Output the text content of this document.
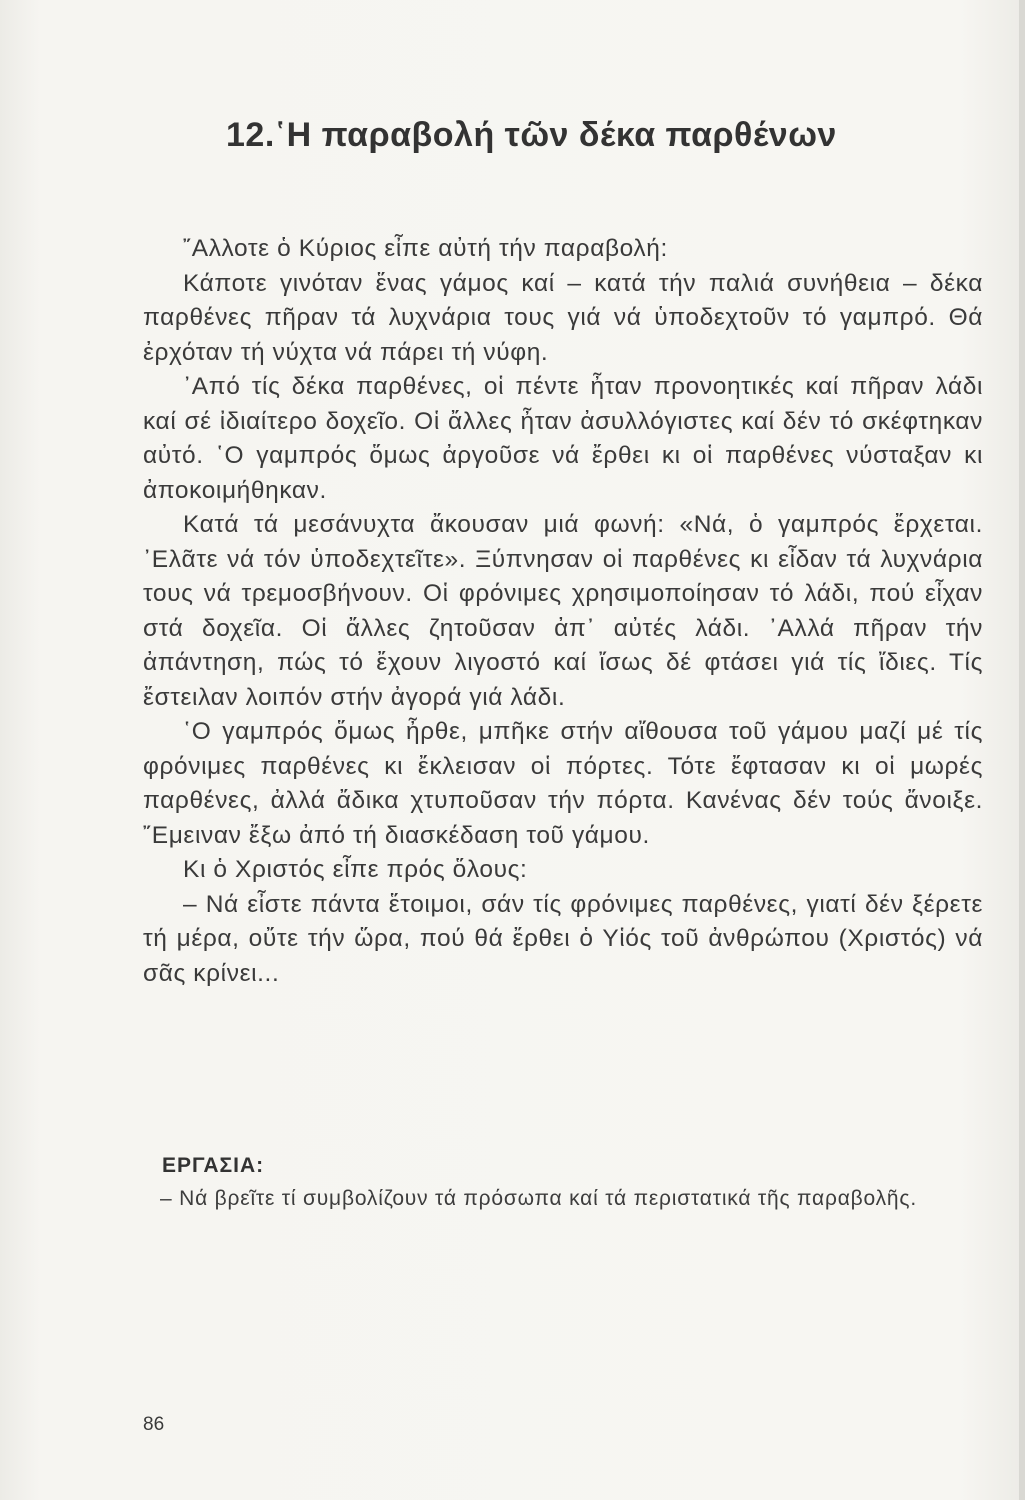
12.῾Η παραβολή τῶν δέκα παρθένων

῎Αλλοτε ὁ Κύριος εἶπε αὐτή τήν παραβολή:

Κάποτε γινόταν ἕνας γάμος καί – κατά τήν παλιά συνήθεια – δέκα παρθένες πῆραν τά λυχνάρια τους γιά νά ὑποδεχτοῦν τό γαμπρό. Θά ἐρχόταν τή νύχτα νά πάρει τή νύφη.

᾿Από τίς δέκα παρθένες, οἱ πέντε ἦταν προνοητικές καί πῆραν λάδι καί σέ ἰδιαίτερο δοχεῖο. Οἱ ἄλλες ἦταν ἀσυλλόγιστες καί δέν τό σκέφτηκαν αὐτό. ῾Ο γαμπρός ὅμως ἀργοῦσε νά ἔρθει κι οἱ παρθένες νύσταξαν κι ἀποκοιμήθηκαν.

Κατά τά μεσάνυχτα ἄκουσαν μιά φωνή: «Νά, ὁ γαμπρός ἔρχεται. ᾿Ελᾶτε νά τόν ὑποδεχτεῖτε». Ξύπνησαν οἱ παρθένες κι εἶδαν τά λυχνάρια τους νά τρεμοσβήνουν. Οἱ φρόνιμες χρησιμοποίησαν τό λάδι, πού εἶχαν στά δοχεῖα. Οἱ ἄλλες ζητοῦσαν ἀπ᾿ αὐτές λάδι. ᾿Αλλά πῆραν τήν ἀπάντηση, πώς τό ἔχουν λιγοστό καί ἴσως δέ φτάσει γιά τίς ἴδιες. Τίς ἔστειλαν λοιπόν στήν ἀγορά γιά λάδι.

῾Ο γαμπρός ὅμως ἦρθε, μπῆκε στήν αἴθουσα τοῦ γάμου μαζί μέ τίς φρόνιμες παρθένες κι ἔκλεισαν οἱ πόρτες. Τότε ἔφτασαν κι οἱ μωρές παρθένες, ἀλλά ἄδικα χτυποῦσαν τήν πόρτα. Κανένας δέν τούς ἄνοιξε. ῎Εμειναν ἔξω ἀπό τή διασκέδαση τοῦ γάμου.

Κι ὁ Χριστός εἶπε πρός ὅλους:

– Νά εἶστε πάντα ἕτοιμοι, σάν τίς φρόνιμες παρθένες, γιατί δέν ξέρετε τή μέρα, οὔτε τήν ὥρα, πού θά ἔρθει ὁ Υἱός τοῦ ἀνθρώπου (Χριστός) νά σᾶς κρίνει...

ΕΡΓΑΣΙΑ:

– Νά βρεῖτε τί συμβολίζουν τά πρόσωπα καί τά περιστατικά τῆς παραβολῆς.

86
